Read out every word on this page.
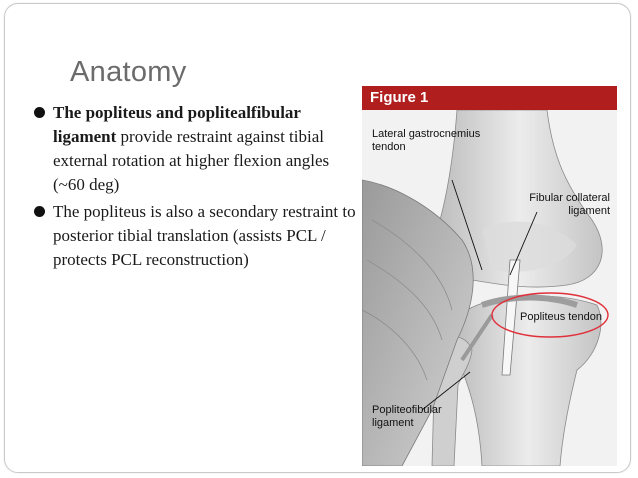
Anatomy
The popliteus and popliteal​fibular ligament provide restraint against tibial external rotation at higher flexion angles (~60 deg)
The popliteus is also a secondary restraint to posterior tibial translation (assists PCL / protects PCL reconstruction)
Figure 1
Lateral gastrocnemius tendon
Fibular collateral ligament
Popliteus tendon
Popliteofibular ligament
